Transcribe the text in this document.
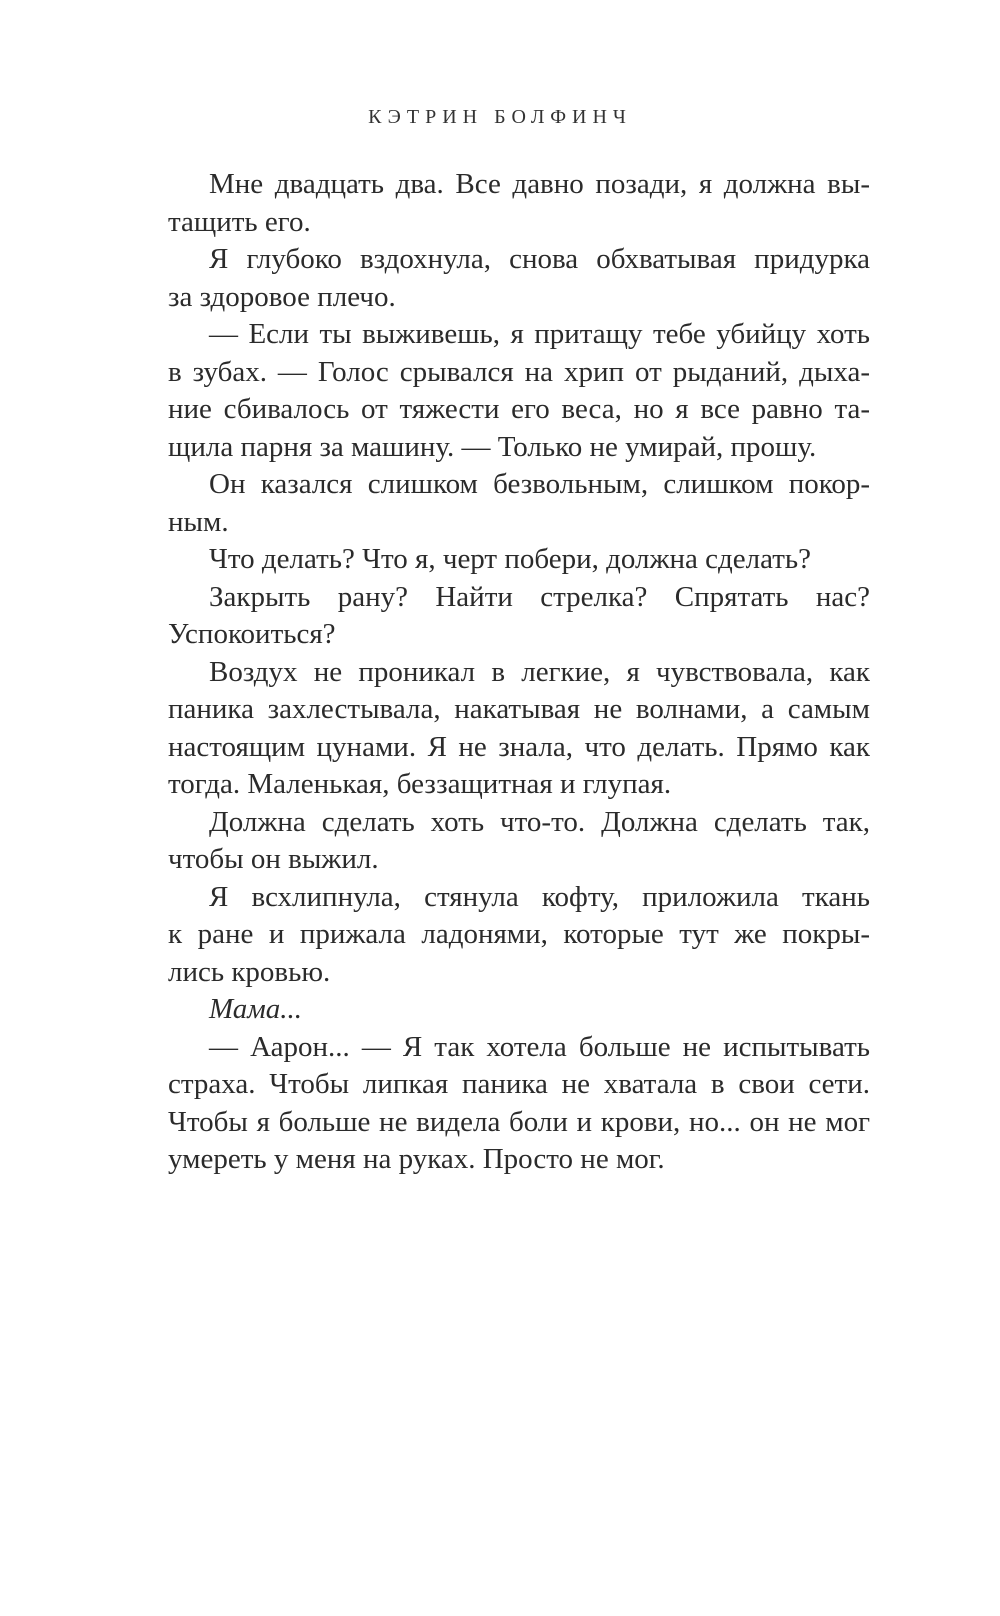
КЭТРИН БОЛФИНЧ
Мне двадцать два. Все давно позади, я должна вы-
тащить его.
Я глубоко вздохнула, снова обхватывая придурка
за здоровое плечо.
— Если ты выживешь, я притащу тебе убийцу хоть
в зубах. — Голос срывался на хрип от рыданий, дыха-
ние сбивалось от тяжести его веса, но я все равно та-
щила парня за машину. — Только не умирай, прошу.
Он казался слишком безвольным, слишком покор-
ным.
Что делать? Что я, черт побери, должна сделать?
Закрыть рану? Найти стрелка? Спрятать нас?
Успокоиться?
Воздух не проникал в легкие, я чувствовала, как
паника захлестывала, накатывая не волнами, а самым
настоящим цунами. Я не знала, что делать. Прямо как
тогда. Маленькая, беззащитная и глупая.
Должна сделать хоть что-то. Должна сделать так,
чтобы он выжил.
Я всхлипнула, стянула кофту, приложила ткань
к ране и прижала ладонями, которые тут же покры-
лись кровью.
Мама...
— Аарон... — Я так хотела больше не испытывать
страха. Чтобы липкая паника не хватала в свои сети.
Чтобы я больше не видела боли и крови, но... он не мог
умереть у меня на руках. Просто не мог.
